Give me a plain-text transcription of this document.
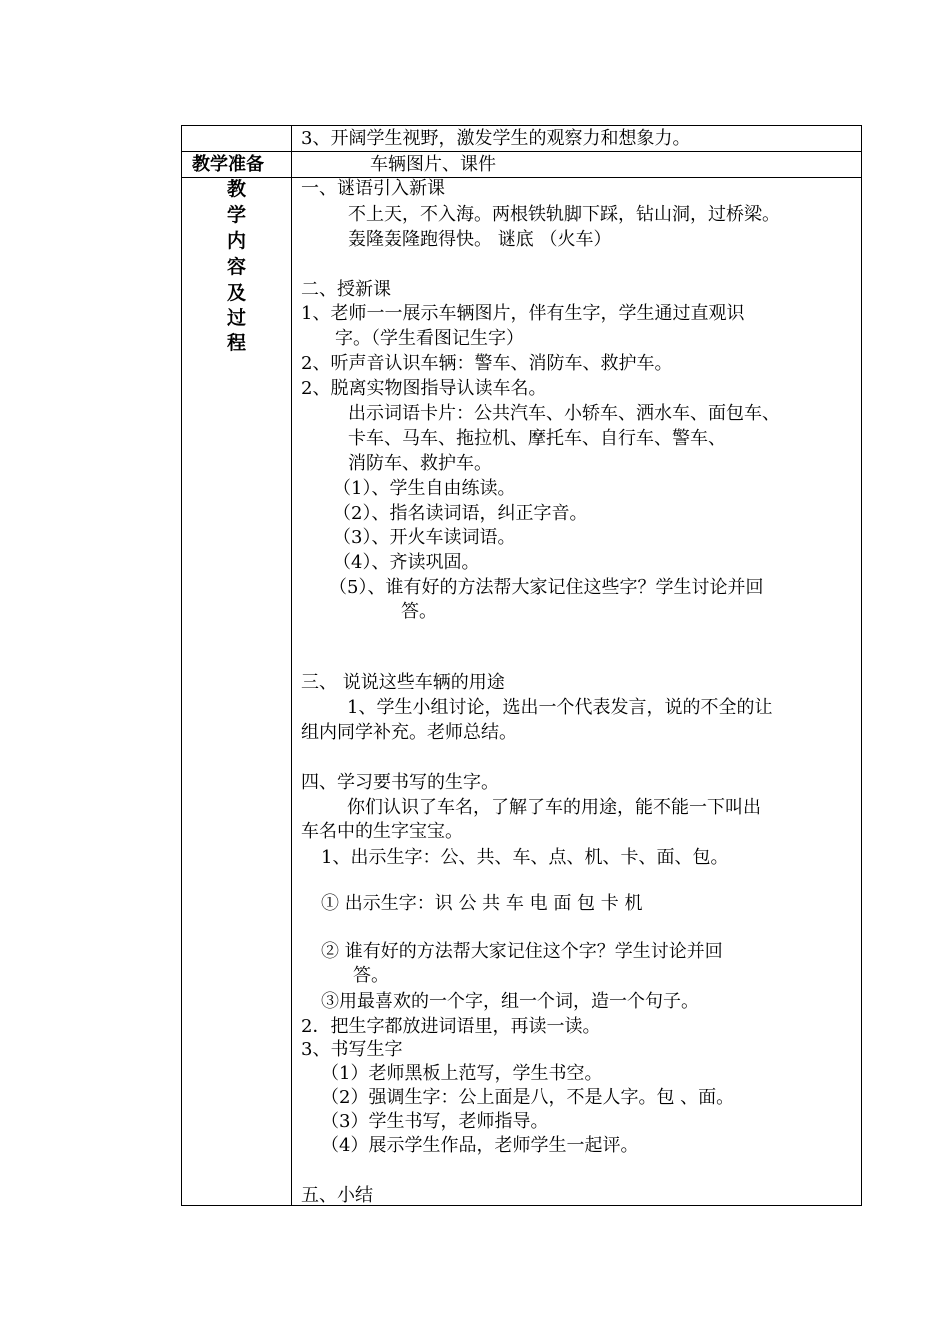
3、开阔学生视野，激发学生的观察力和想象力。
教学准备	车辆图片、课件
教
学
内
容
及
过
程
一、谜语引入新课
不上天，不入海。两根铁轨脚下踩，钻山洞，过桥梁。
轰隆轰隆跑得快。 谜底 （火车）
二、授新课
1、老师一一展示车辆图片，伴有生字，学生通过直观识
字。（学生看图记生字）
2、听声音认识车辆：警车、消防车、救护车。
2、脱离实物图指导认读车名。
出示词语卡片：公共汽车、小轿车、洒水车、面包车、
卡车、马车、拖拉机、摩托车、自行车、警车、
消防车、救护车。
（1）、学生自由练读。
（2）、指名读词语，纠正字音。
（3）、开火车读词语。
（4）、齐读巩固。
（5）、谁有好的方法帮大家记住这些字？学生讨论并回
答。
三、 说说这些车辆的用途
1、学生小组讨论，选出一个代表发言，说的不全的让
组内同学补充。老师总结。
四、学习要书写的生字。
你们认识了车名，了解了车的用途，能不能一下叫出
车名中的生字宝宝。
1、出示生字：公、共、车、点、机、卡、面、包。
① 出示生字：识 公 共 车 电 面 包 卡 机
② 谁有好的方法帮大家记住这个字？学生讨论并回
答。
③用最喜欢的一个字，组一个词，造一个句子。
2．把生字都放进词语里，再读一读。
3、书写生字
（1）老师黑板上范写，学生书空。
（2）强调生字：公上面是八，不是人字。包 、面。
（3）学生书写，老师指导。
（4）展示学生作品，老师学生一起评。
五、小结
